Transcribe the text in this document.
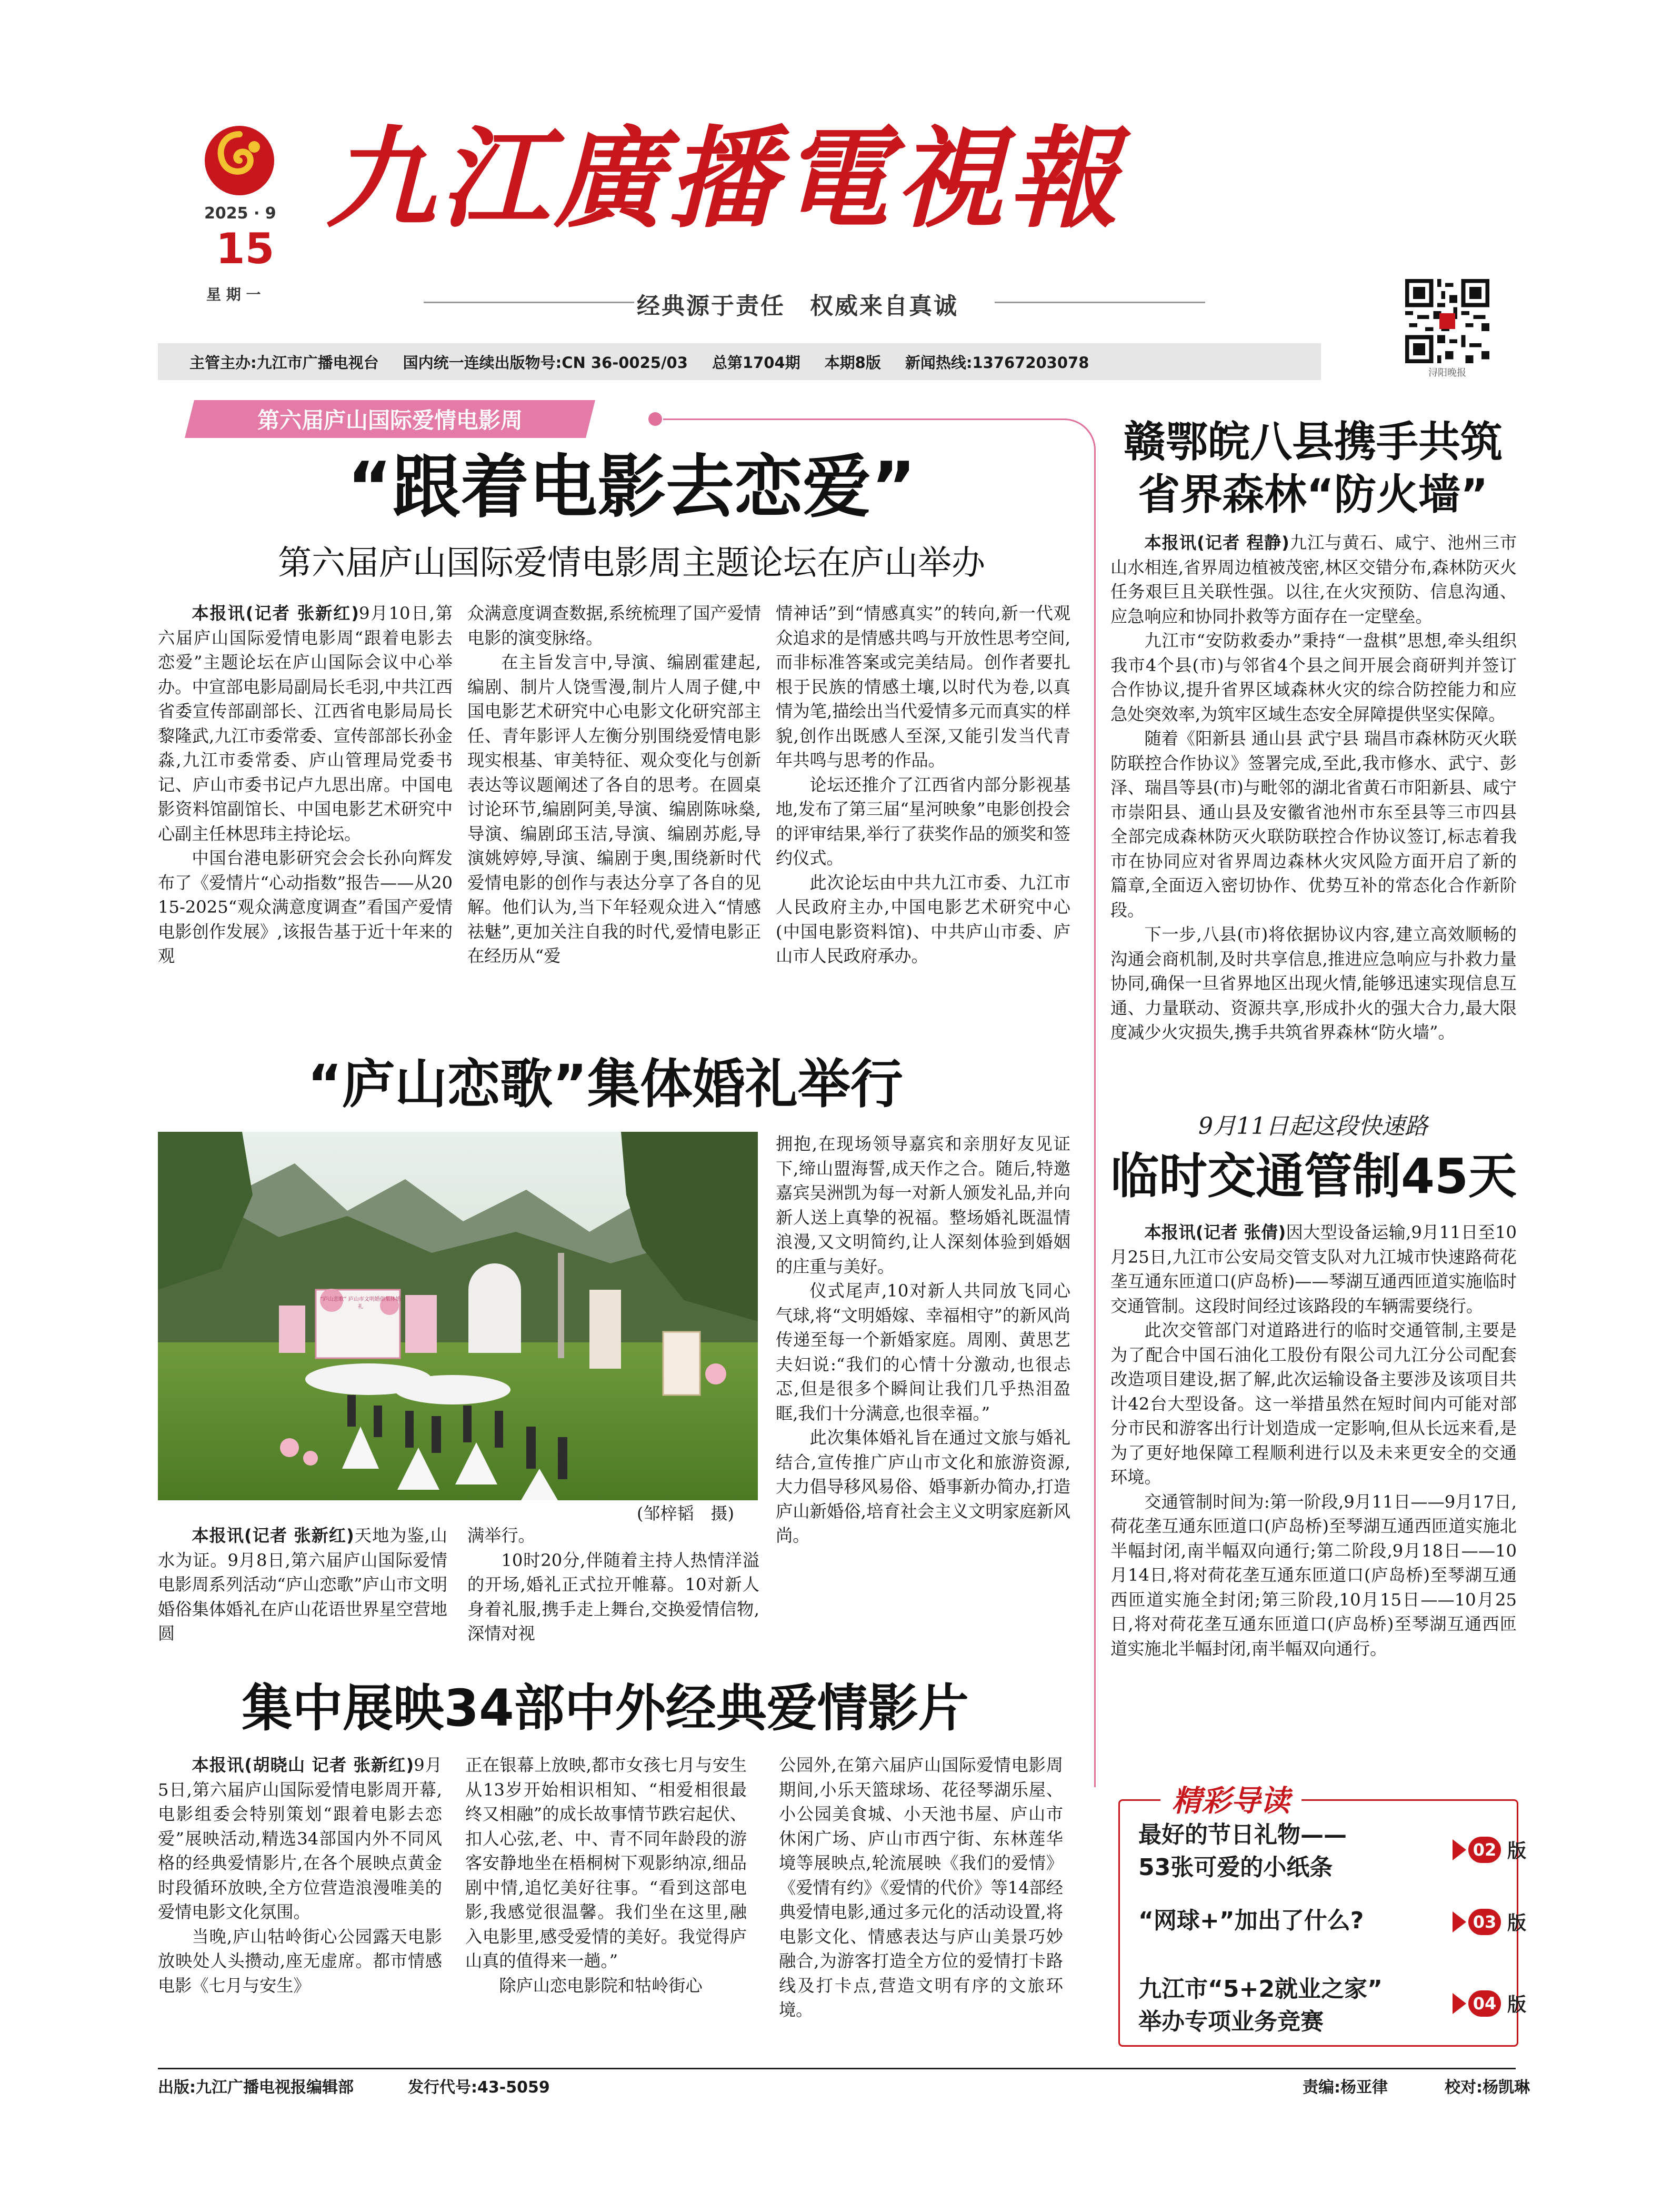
2025 · 9
15
星 期 一
九江廣播電視報
经典源于责任　权威来自真诚
浔阳晚报
主管主办:九江市广播电视台 国内统一连续出版物号:CN 36-0025/03 总第1704期 本期8版 新闻热线:13767203078
第六届庐山国际爱情电影周
“跟着电影去恋爱”
第六届庐山国际爱情电影周主题论坛在庐山举办

本报讯(记者 张新红)9月10日,第六届庐山国际爱情电影周“跟着电影去恋爱”主题论坛在庐山国际会议中心举办。中宣部电影局副局长毛羽,中共江西省委宣传部副部长、江西省电影局局长黎隆武,九江市委常委、宣传部部长孙金淼,九江市委常委、庐山管理局党委书记、庐山市委书记卢九思出席。中国电影资料馆副馆长、中国电影艺术研究中心副主任林思玮主持论坛。

中国台港电影研究会会长孙向辉发布了《爱情片“心动指数”报告——从2015-2025“观众满意度调查”看国产爱情电影创作发展》,该报告基于近十年来的观

众满意度调查数据,系统梳理了国产爱情电影的演变脉络。

在主旨发言中,导演、编剧霍建起,编剧、制片人饶雪漫,制片人周子健,中国电影艺术研究中心电影文化研究部主任、青年影评人左衡分别围绕爱情电影现实根基、审美特征、观众变化与创新表达等议题阐述了各自的思考。在圆桌讨论环节,编剧阿美,导演、编剧陈咏燊,导演、编剧邱玉洁,导演、编剧苏彪,导演姚婷婷,导演、编剧于奥,围绕新时代爱情电影的创作与表达分享了各自的见解。他们认为,当下年轻观众进入“情感祛魅”,更加关注自我的时代,爱情电影正在经历从“爱

情神话”到“情感真实”的转向,新一代观众追求的是情感共鸣与开放性思考空间,而非标准答案或完美结局。创作者要扎根于民族的情感土壤,以时代为卷,以真情为笔,描绘出当代爱情多元而真实的样貌,创作出既感人至深,又能引发当代青年共鸣与思考的作品。

论坛还推介了江西省内部分影视基地,发布了第三届“星河映象”电影创投会的评审结果,举行了获奖作品的颁奖和签约仪式。

此次论坛由中共九江市委、九江市人民政府主办,中国电影艺术研究中心(中国电影资料馆)、中共庐山市委、庐山市人民政府承办。

“庐山恋歌”集体婚礼举行
“庐山恋歌” 庐山市文明婚俗集体婚礼
(邹梓韬　摄)

本报讯(记者 张新红)天地为鉴,山水为证。9月8日,第六届庐山国际爱情电影周系列活动“庐山恋歌”庐山市文明婚俗集体婚礼在庐山花语世界星空营地圆

满举行。

10时20分,伴随着主持人热情洋溢的开场,婚礼正式拉开帷幕。10对新人身着礼服,携手走上舞台,交换爱情信物,深情对视

拥抱,在现场领导嘉宾和亲朋好友见证下,缔山盟海誓,成天作之合。随后,特邀嘉宾吴洲凯为每一对新人颁发礼品,并向新人送上真挚的祝福。整场婚礼既温情浪漫,又文明简约,让人深刻体验到婚姻的庄重与美好。

仪式尾声,10对新人共同放飞同心气球,将“文明婚嫁、幸福相守”的新风尚传递至每一个新婚家庭。周刚、黄思艺夫妇说:“我们的心情十分激动,也很忐忑,但是很多个瞬间让我们几乎热泪盈眶,我们十分满意,也很幸福。”

此次集体婚礼旨在通过文旅与婚礼结合,宣传推广庐山市文化和旅游资源,大力倡导移风易俗、婚事新办简办,打造庐山新婚俗,培育社会主义文明家庭新风尚。

集中展映34部中外经典爱情影片

本报讯(胡晓山 记者 张新红)9月5日,第六届庐山国际爱情电影周开幕,电影组委会特别策划“跟着电影去恋爱”展映活动,精选34部国内外不同风格的经典爱情影片,在各个展映点黄金时段循环放映,全方位营造浪漫唯美的爱情电影文化氛围。

当晚,庐山牯岭街心公园露天电影放映处人头攒动,座无虚席。都市情感电影《七月与安生》

正在银幕上放映,都市女孩七月与安生从13岁开始相识相知、“相爱相很最终又相融”的成长故事情节跌宕起伏、扣人心弦,老、中、青不同年龄段的游客安静地坐在梧桐树下观影纳凉,细品剧中情,追忆美好往事。“看到这部电影,我感觉很温馨。我们坐在这里,融入电影里,感受爱情的美好。我觉得庐山真的值得来一趟。”

除庐山恋电影院和牯岭街心

公园外,在第六届庐山国际爱情电影周期间,小乐天篮球场、花径琴湖乐屋、小公园美食城、小天池书屋、庐山市休闲广场、庐山市西宁街、东林莲华境等展映点,轮流展映《我们的爱情》《爱情有约》《爱情的代价》等14部经典爱情电影,通过多元化的活动设置,将电影文化、情感表达与庐山美景巧妙融合,为游客打造全方位的爱情打卡路线及打卡点,营造文明有序的文旅环境。

赣鄂皖八县携手共筑
省界森林“防火墙”

本报讯(记者 程静)九江与黄石、咸宁、池州三市山水相连,省界周边植被茂密,林区交错分布,森林防灭火任务艰巨且关联性强。以往,在火灾预防、信息沟通、应急响应和协同扑救等方面存在一定壁垒。

九江市“安防救委办”秉持“一盘棋”思想,牵头组织我市4个县(市)与邻省4个县之间开展会商研判并签订合作协议,提升省界区域森林火灾的综合防控能力和应急处突效率,为筑牢区域生态安全屏障提供坚实保障。

随着《阳新县 通山县 武宁县 瑞昌市森林防灭火联防联控合作协议》签署完成,至此,我市修水、武宁、彭泽、瑞昌等县(市)与毗邻的湖北省黄石市阳新县、咸宁市崇阳县、通山县及安徽省池州市东至县等三市四县全部完成森林防灭火联防联控合作协议签订,标志着我市在协同应对省界周边森林火灾风险方面开启了新的篇章,全面迈入密切协作、优势互补的常态化合作新阶段。

下一步,八县(市)将依据协议内容,建立高效顺畅的沟通会商机制,及时共享信息,推进应急响应与扑救力量协同,确保一旦省界地区出现火情,能够迅速实现信息互通、力量联动、资源共享,形成扑火的强大合力,最大限度减少火灾损失,携手共筑省界森林“防火墙”。

9月11日起这段快速路
临时交通管制45天

本报讯(记者 张倩)因大型设备运输,9月11日至10月25日,九江市公安局交管支队对九江城市快速路荷花垄互通东匝道口(庐岛桥)——琴湖互通西匝道实施临时交通管制。这段时间经过该路段的车辆需要绕行。

此次交管部门对道路进行的临时交通管制,主要是为了配合中国石油化工股份有限公司九江分公司配套改造项目建设,据了解,此次运输设备主要涉及该项目共计42台大型设备。这一举措虽然在短时间内可能对部分市民和游客出行计划造成一定影响,但从长远来看,是为了更好地保障工程顺利进行以及未来更安全的交通环境。

交通管制时间为:第一阶段,9月11日——9月17日,荷花垄互通东匝道口(庐岛桥)至琴湖互通西匝道实施北半幅封闭,南半幅双向通行;第二阶段,9月18日——10月14日,将对荷花垄互通东匝道口(庐岛桥)至琴湖互通西匝道实施全封闭;第三阶段,10月15日——10月25日,将对荷花垄互通东匝道口(庐岛桥)至琴湖互通西匝道实施北半幅封闭,南半幅双向通行。

精彩导读
最好的节日礼物——
53张可爱的小纸条
02 版
“网球+”加出了什么?	03 版
九江市“5+2就业之家”
举办专项业务竞赛
04 版
出版:九江广播电视报编辑部	发行代号:43-5059	责编:杨亚律	校对:杨凯琳
